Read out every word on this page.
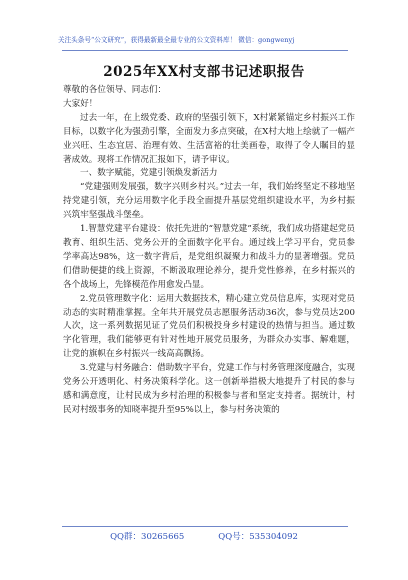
关注头条号“公文研究”，获得最新最全最专业的公文资料库！ 微信：gongwenyj
2025年XX村支部书记述职报告

尊敬的各位领导、同志们：

大家好！

过去一年，在上级党委、政府的坚强引领下，X村紧紧锚定乡村振兴工作目标，以数字化为强劲引擎，全面发力多点突破，在X村大地上绘就了一幅产业兴旺、生态宜居、治理有效、生活富裕的壮美画卷，取得了令人瞩目的显著成效。现将工作情况汇报如下，请予审议。

一、数字赋能，党建引领焕发新活力

“党建强则发展强，数字兴则乡村兴。”过去一年，我们始终坚定不移地坚持党建引领，充分运用数字化手段全面提升基层党组织建设水平，为乡村振兴筑牢坚强战斗堡垒。

1.智慧党建平台建设：依托先进的“智慧党建”系统，我们成功搭建起党员教育、组织生活、党务公开的全面数字化平台。通过线上学习平台，党员参学率高达98%，这一数字背后，是党组织凝聚力和战斗力的显著增强。党员们借助便捷的线上资源，不断汲取理论养分，提升党性修养，在乡村振兴的各个战场上，先锋模范作用愈发凸显。

2.党员管理数字化：运用大数据技术，精心建立党员信息库，实现对党员动态的实时精准掌握。全年共开展党员志愿服务活动36次，参与党员达200人次，这一系列数据见证了党员们积极投身乡村建设的热情与担当。通过数字化管理，我们能够更有针对性地开展党员服务，为群众办实事、解难题，让党的旗帜在乡村振兴一线高高飘扬。

3.党建与村务融合：借助数字平台，党建工作与村务管理深度融合，实现党务公开透明化、村务决策科学化。这一创新举措极大地提升了村民的参与感和满意度，让村民成为乡村治理的积极参与者和坚定支持者。据统计，村民对村级事务的知晓率提升至95%以上，参与村务决策的

QQ群：30265665	QQ号：535304092
